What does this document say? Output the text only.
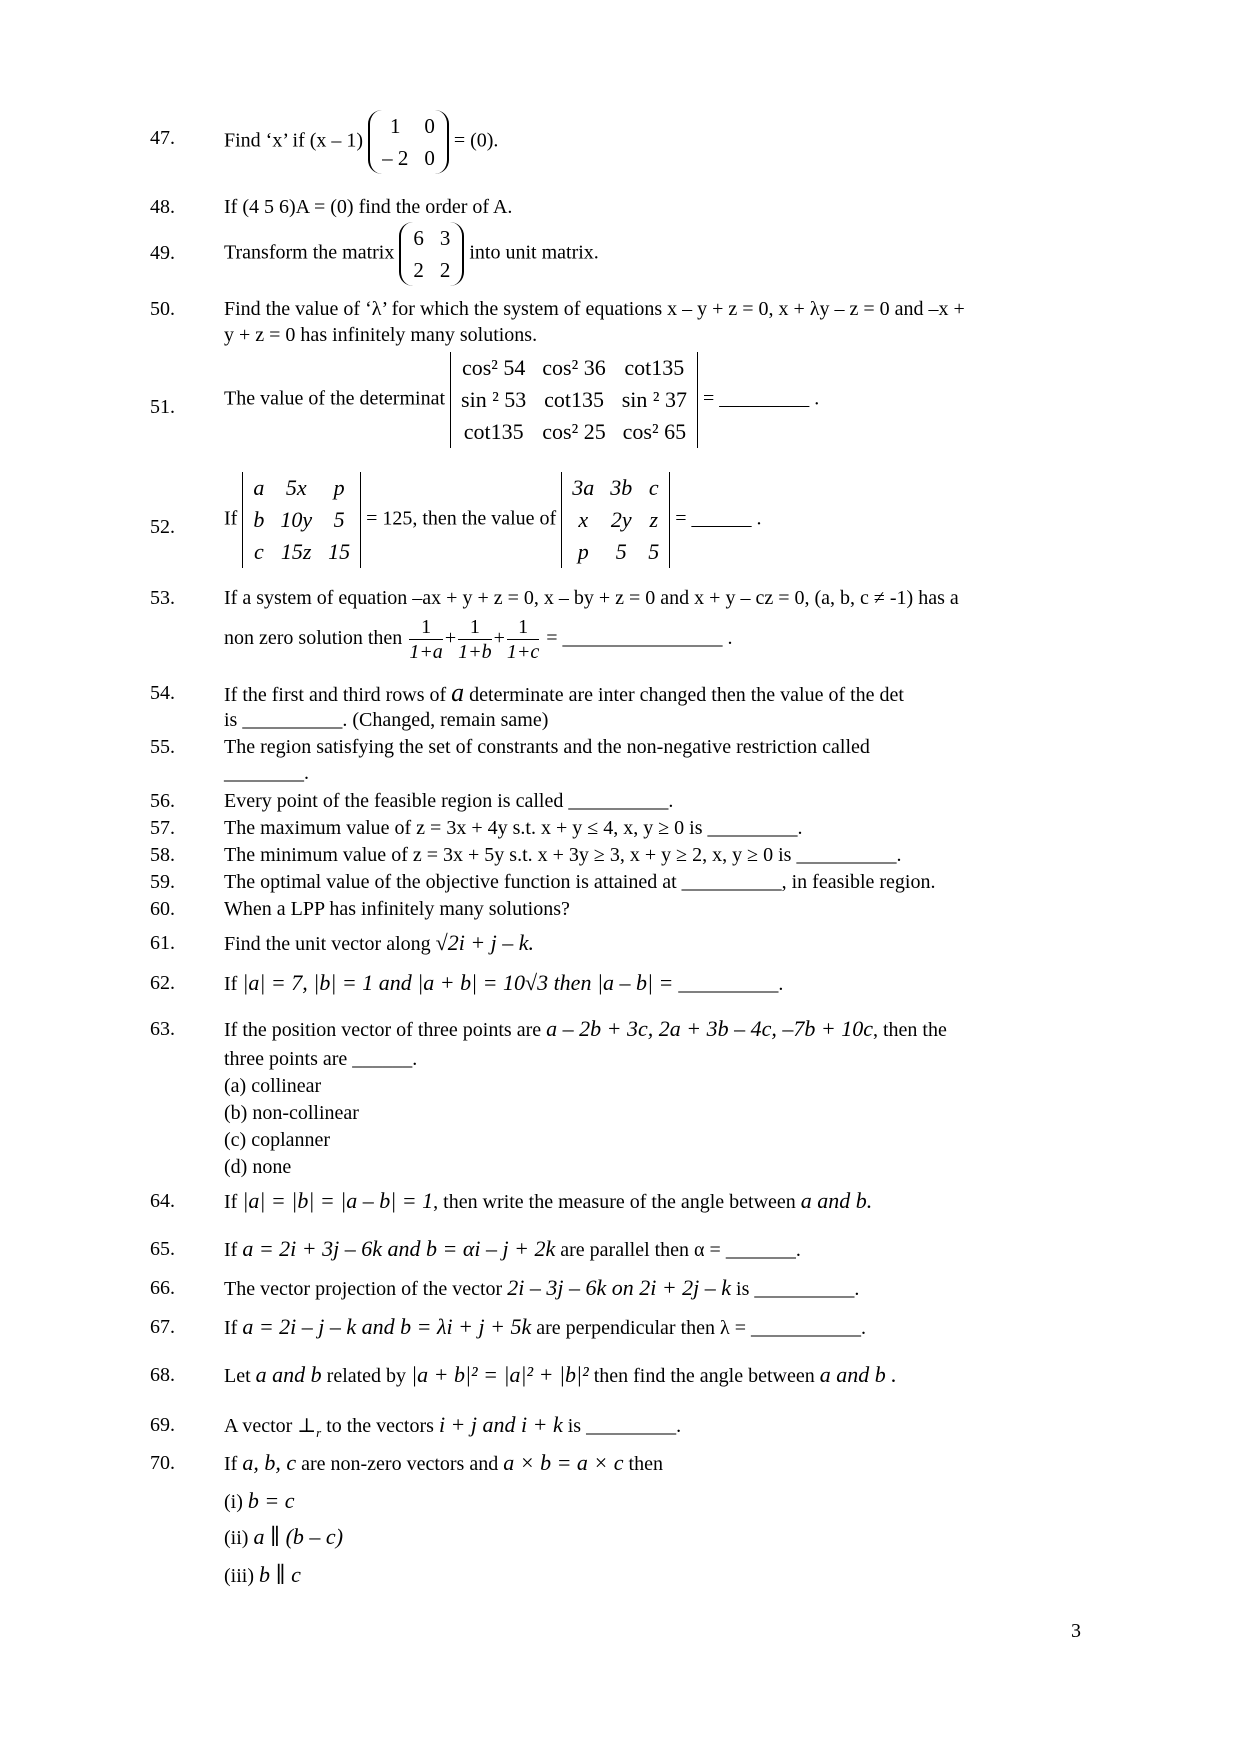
47. Find ‘x’ if (x – 1)
1	0
– 2	0
= (0).
48. If (4 5 6)A = (0) find the order of A.
49. Transform the matrix
6	3
2	2
into unit matrix.
50. Find the value of ‘λ’ for which the system of equations x – y + z = 0, x + λy – z = 0 and –x +
y + z = 0 has infinitely many solutions.
51. The value of the determinat
cos² 54	cos² 36	cot135
sin ² 53	cot135	sin ² 37
cot135	cos² 25	cos² 65
= _________ .
52. If
a	5x	p
b	10y	5
c	15z	15
= 125, then the value of
3a	3b	c
x	2y	z
p	5	5
= ______ .
53. If a system of equation –ax + y + z = 0, x – by + z = 0 and x + y – cz = 0, (a, b, c ≠ -1) has a
non zero solution then $\frac{1}{1+a} + \frac{1}{1+b} + \frac{1}{1+c}$ = ________________ .
54. If the first and third rows of a determinate are inter changed then the value of the det
is __________. (Changed, remain same)
55. The region satisfying the set of constrants and the non-negative restriction called
________.
56. Every point of the feasible region is called __________.
57. The maximum value of z = 3x + 4y s.t. x + y ≤ 4, x, y ≥ 0 is _________.
58. The minimum value of z = 3x + 5y s.t. x + 3y ≥ 3, x + y ≥ 2, x, y ≥ 0 is __________.
59. The optimal value of the objective function is attained at __________, in feasible region.
60. When a LPP has infinitely many solutions?
61. Find the unit vector along √2i + j – k.
62. If |a| = 7, |b| = 1 and |a + b| = 10√3 then |a – b| = __________.
63. If the position vector of three points are a – 2b + 3c, 2a + 3b – 4c, –7b + 10c, then the
three points are ______.
(a) collinear
(b) non-collinear
(c) coplanner
(d) none
64. If |a| = |b| = |a – b| = 1, then write the measure of the angle between a and b.
65. If a = 2i + 3j – 6k and b = αi – j + 2k are parallel then α = _______.
66. The vector projection of the vector 2i – 3j – 6k on 2i + 2j – k is __________.
67. If a = 2i – j – k and b = λi + j + 5k are perpendicular then λ = ___________.
68. Let a and b related by |a + b|² = |a|² + |b|² then find the angle between a and b .
69. A vector $\perp_r$ to the vectors i + j and i + k is _________.
70. If a, b, c are non-zero vectors and a × b = a × c then
(i) b = c
(ii) a ∥ (b – c)
(iii) b ∥ c
3
